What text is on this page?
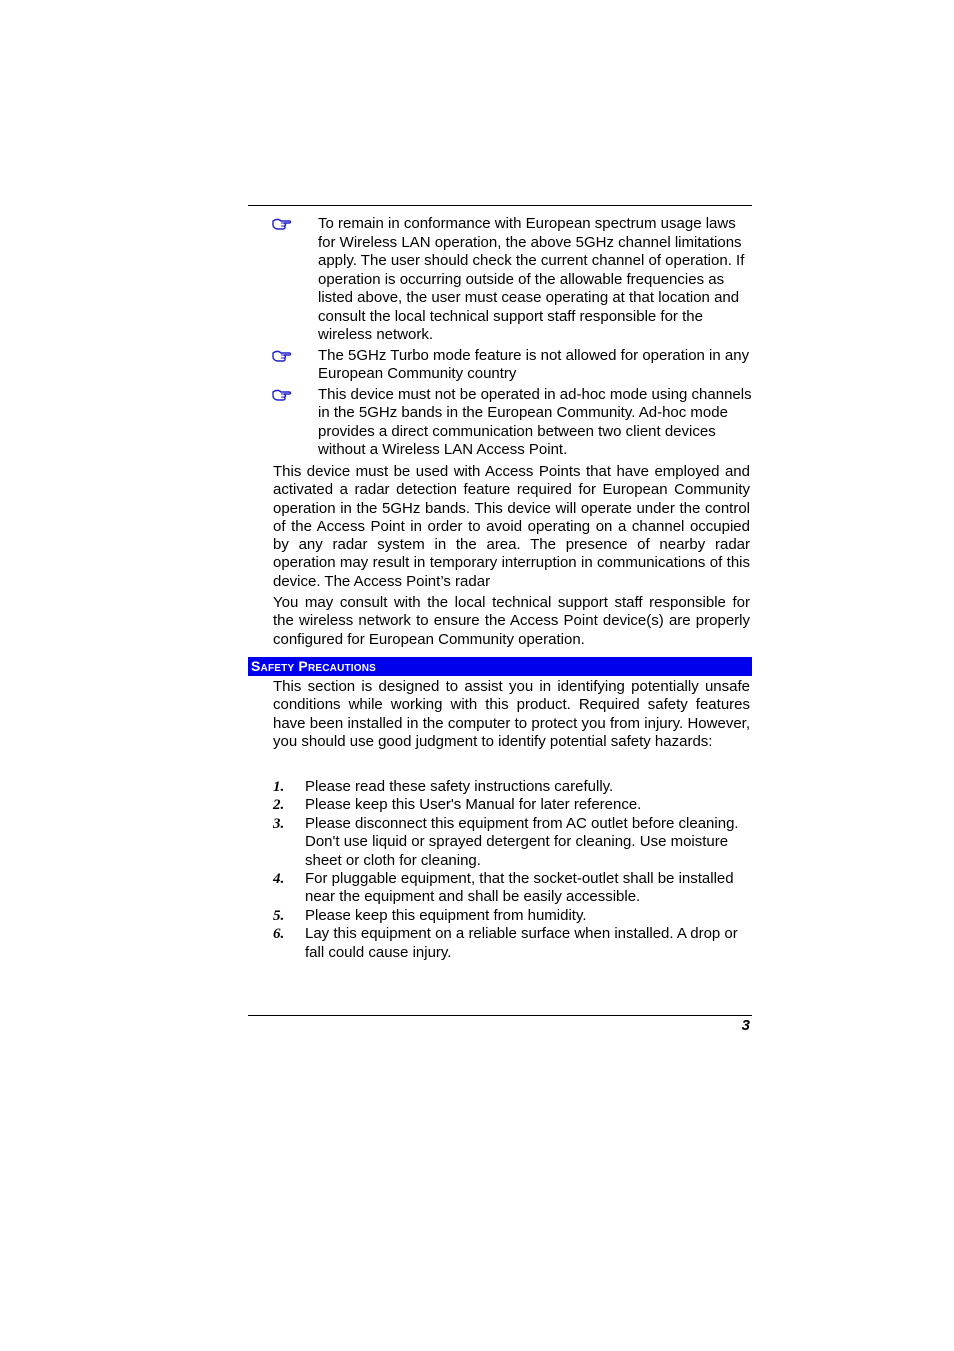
To remain in conformance with European spectrum usage laws for Wireless LAN operation, the above 5GHz channel limitations apply. The user should check the current channel of operation. If operation is occurring outside of the allowable frequencies as listed above, the user must cease operating at that location and consult the local technical support staff responsible for the wireless network.
The 5GHz Turbo mode feature is not allowed for operation in any European Community country
This device must not be operated in ad-hoc mode using channels in the 5GHz bands in the European Community. Ad-hoc mode provides a direct communication between two client devices without a Wireless LAN Access Point.
This device must be used with Access Points that have employed and activated a radar detection feature required for European Community operation in the 5GHz bands. This device will operate under the control of the Access Point in order to avoid operating on a channel occupied by any radar system in the area. The presence of nearby radar operation may result in temporary interruption in communications of this device. The Access Point’s radar
You may consult with the local technical support staff responsible for the wireless network to ensure the Access Point device(s) are properly configured for European Community operation.
Safety Precautions
This section is designed to assist you in identifying potentially unsafe conditions while working with this product. Required safety features have been installed in the computer to protect you from injury. However, you should use good judgment to identify potential safety hazards:
1. Please read these safety instructions carefully.
2. Please keep this User's Manual for later reference.
3. Please disconnect this equipment from AC outlet before cleaning. Don't use liquid or sprayed detergent for cleaning. Use moisture sheet or cloth for cleaning.
4. For pluggable equipment, that the socket-outlet shall be installed near the equipment and shall be easily accessible.
5. Please keep this equipment from humidity.
6. Lay this equipment on a reliable surface when installed. A drop or fall could cause injury.
3
